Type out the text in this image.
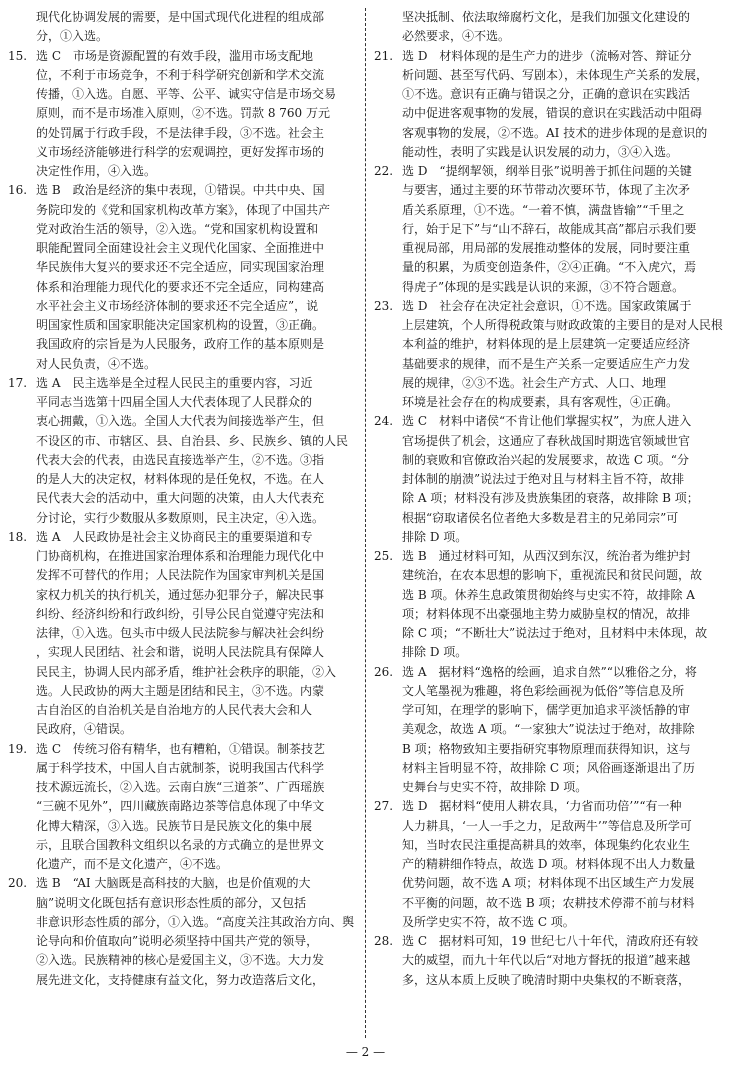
现代化协调发展的需要，是中国式现代化进程的组成部

分，①入选。

15. 选 C　市场是资源配置的有效手段，滥用市场支配地

位，不利于市场竞争，不利于科学研究创新和学术交流

传播，①入选。自愿、平等、公平、诚实守信是市场交易

原则，而不是市场准入原则，②不选。罚款 8 760 万元

的处罚属于行政手段，不是法律手段，③不选。社会主

义市场经济能够进行科学的宏观调控，更好发挥市场的

决定性作用，④入选。

16. 选 B　政治是经济的集中表现，①错误。中共中央、国

务院印发的《党和国家机构改革方案》，体现了中国共产

党对政治生活的领导，②入选。“党和国家机构设置和

职能配置同全面建设社会主义现代化国家、全面推进中

华民族伟大复兴的要求还不完全适应，同实现国家治理

体系和治理能力现代化的要求还不完全适应，同构建高

水平社会主义市场经济体制的要求还不完全适应”，说

明国家性质和国家职能决定国家机构的设置，③正确。

我国政府的宗旨是为人民服务，政府工作的基本原则是

对人民负责，④不选。

17. 选 A　民主选举是全过程人民民主的重要内容，习近

平同志当选第十四届全国人大代表体现了人民群众的

衷心拥戴，①入选。全国人大代表为间接选举产生，但

不设区的市、市辖区、县、自治县、乡、民族乡、镇的人民

代表大会的代表，由选民直接选举产生，②不选。③指

的是人大的决定权，材料体现的是任免权，不选。在人

民代表大会的活动中，重大问题的决策，由人大代表充

分讨论，实行少数服从多数原则，民主决定，④入选。

18. 选 A　人民政协是社会主义协商民主的重要渠道和专

门协商机构，在推进国家治理体系和治理能力现代化中

发挥不可替代的作用；人民法院作为国家审判机关是国

家权力机关的执行机关，通过惩办犯罪分子，解决民事

纠纷、经济纠纷和行政纠纷，引导公民自觉遵守宪法和

法律，①入选。包头市中级人民法院参与解决社会纠纷

，实现人民团结、社会和谐，说明人民法院具有保障人

民民主，协调人民内部矛盾，维护社会秩序的职能，②入

选。人民政协的两大主题是团结和民主，③不选。内蒙

古自治区的自治机关是自治地方的人民代表大会和人

民政府，④错误。

19. 选 C　传统习俗有精华，也有糟粕，①错误。制茶技艺

属于科学技术，中国人自古就制茶，说明我国古代科学

技术源远流长，②入选。云南白族“三道茶”、广西瑶族

“三碗不见外”，四川藏族南路边茶等信息体现了中华文

化博大精深，③入选。民族节日是民族文化的集中展

示，且联合国教科文组织以名录的方式确立的是世界文

化遗产，而不是文化遗产，④不选。

20. 选 B　“AI 大脑既是高科技的大脑，也是价值观的大

脑”说明文化既包括有意识形态性质的部分，又包括

非意识形态性质的部分，①入选。“高度关注其政治方向、舆

论导向和价值取向”说明必须坚持中国共产党的领导，

②入选。民族精神的核心是爱国主义，③不选。大力发

展先进文化，支持健康有益文化，努力改造落后文化，

坚决抵制、依法取缔腐朽文化，是我们加强文化建设的

必然要求，④不选。

21. 选 D　材料体现的是生产力的进步（流畅对答、辩证分

析问题、甚至写代码、写剧本），未体现生产关系的发展，

①不选。意识有正确与错误之分，正确的意识在实践活

动中促进客观事物的发展，错误的意识在实践活动中阻碍

客观事物的发展，②不选。AI 技术的进步体现的是意识的

能动性，表明了实践是认识发展的动力，③④入选。

22. 选 D　“提纲挈领，纲举目张”说明善于抓住问题的关键

与要害，通过主要的环节带动次要环节，体现了主次矛

盾关系原理，①不选。“一着不慎，满盘皆输”“千里之

行，始于足下”与“山不辞石，故能成其高”都启示我们要

重视局部，用局部的发展推动整体的发展，同时要注重

量的积累，为质变创造条件，②④正确。“不入虎穴，焉

得虎子”体现的是实践是认识的来源，③不符合题意。

23. 选 D　社会存在决定社会意识，①不选。国家政策属于

上层建筑，个人所得税政策与财政政策的主要目的是对人民根

本利益的维护，材料体现的是上层建筑一定要适应经济

基础要求的规律，而不是生产关系一定要适应生产力发

展的规律，②③不选。社会生产方式、人口、地理

环境是社会存在的构成要素，具有客观性，④正确。

24. 选 C　材料中诸侯“不肯让他们掌握实权”，为庶人进入

官场提供了机会，这通应了春秋战国时期选官领域世官

制的衰败和官僚政治兴起的发展要求，故选 C 项。“分

封体制的崩溃”说法过于绝对且与材料主旨不符，故排

除 A 项；材料没有涉及贵族集团的衰落，故排除 B 项；

根据“窃取诸侯名位者绝大多数是君主的兄弟同宗”可

排除 D 项。

25. 选 B　通过材料可知，从西汉到东汉，统治者为维护封

建统治，在农本思想的影响下，重视流民和贫民问题，故

选 B 项。休养生息政策贯彻始终与史实不符，故排除 A

项；材料体现不出豪强地主势力威胁皇权的情况，故排

除 C 项；“不断壮大”说法过于绝对，且材料中未体现，故

排除 D 项。

26. 选 A　据材料“逸格的绘画，追求自然”“以雅俗之分，将

文人笔墨视为雅趣，将色彩绘画视为低俗”等信息及所

学可知，在理学的影响下，儒学更加追求平淡恬静的审

美观念，故选 A 项。“一家独大”说法过于绝对，故排除

B 项；格物致知主要指研究事物原理而获得知识，这与

材料主旨明显不符，故排除 C 项；风俗画逐渐退出了历

史舞台与史实不符，故排除 D 项。

27. 选 D　据材料“使用人耕农具，‘力省而功倍’”“有一种

人力耕具，‘一人一手之力，足敌两牛’”等信息及所学可

知，当时农民注重提高耕具的效率，体现集约化农业生

产的精耕细作特点，故选 D 项。材料体现不出人力数量

优势问题，故不选 A 项；材料体现不出区域生产力发展

不平衡的问题，故不选 B 项；农耕技术停滞不前与材料

及所学史实不符，故不选 C 项。

28. 选 C　据材料可知，19 世纪七八十年代，清政府还有较

大的威望，而九十年代以后“对地方督抚的报道”越来越

多，这从本质上反映了晚清时期中央集权的不断衰落，

— 2 —
